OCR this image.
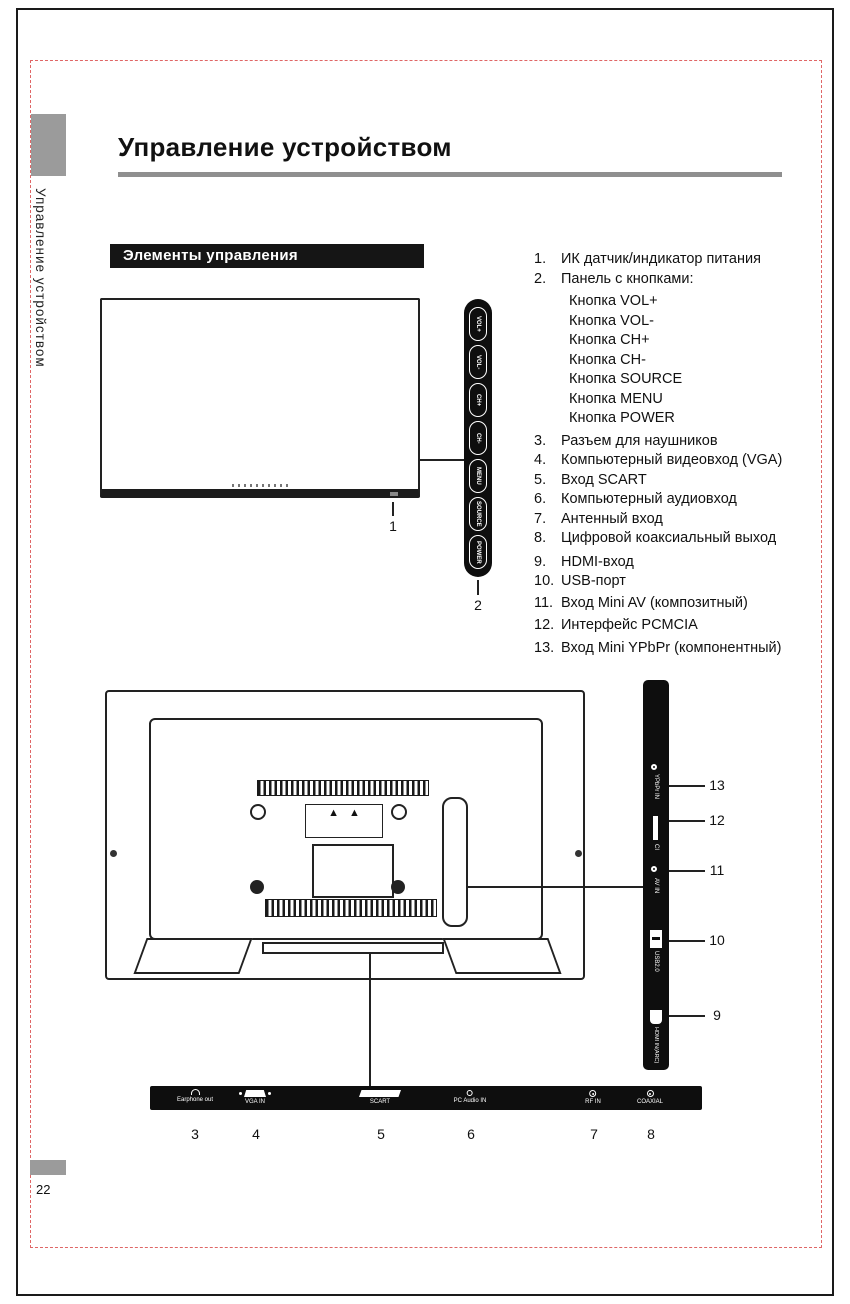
Управление устройством
Управление устройством
Элементы управления
VOL+
VOL-
CH+
CH-
MENU
SOURCE
POWER
1
2
1.	ИК датчик/индикатор питания
2.	Панель с кнопками:
Кнопка VOL+
Кнопка VOL-
Кнопка CH+
Кнопка CH-
Кнопка SOURCE
Кнопка MENU
Кнопка POWER
3.	Разъем для наушников
4.	Компьютерный видеовход (VGA)
5.	Вход SCART
6.	Компьютерный аудиовход
7.	Антенный вход
8.	Цифровой коаксиальный выход
9.	HDMI-вход
10. USB-порт
11. Вход Mini AV (композитный)
12. Интерфейс PCMCIA
13. Вход Mini YPbPr (компонентный)
▲ ▲
YPbPr IN
CI
AV IN
USB2.0
HDMI IN(ARC)
13
12
11
10
9
Earphone out	VGA IN	SCART	PC Audio IN	RF IN	COAXIAL
3	4	5	6	7	8
22
